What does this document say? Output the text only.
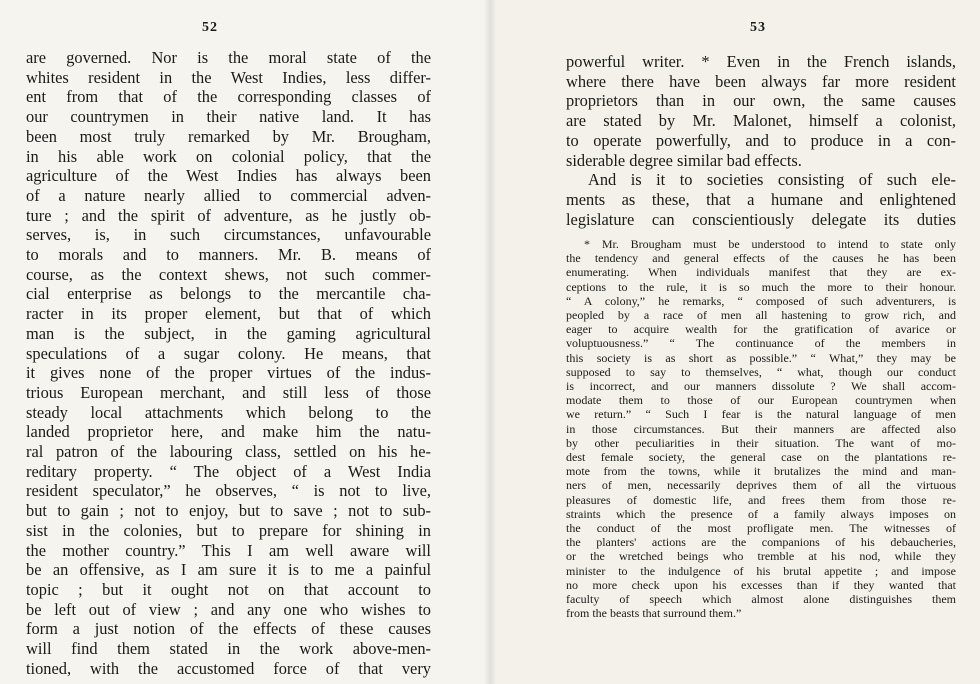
52	53
are governed. Nor is the moral state of the
whites resident in the West Indies, less differ-
ent from that of the corresponding classes of
our countrymen in their native land. It has
been most truly remarked by Mr. Brougham,
in his able work on colonial policy, that the
agriculture of the West Indies has always been
of a nature nearly allied to commercial adven-
ture ; and the spirit of adventure, as he justly ob-
serves, is, in such circumstances, unfavourable
to morals and to manners. Mr. B. means of
course, as the context shews, not such commer-
cial enterprise as belongs to the mercantile cha-
racter in its proper element, but that of which
man is the subject, in the gaming agricultural
speculations of a sugar colony. He means, that
it gives none of the proper virtues of the indus-
trious European merchant, and still less of those
steady local attachments which belong to the
landed proprietor here, and make him the natu-
ral patron of the labouring class, settled on his he-
reditary property. “ The object of a West India
resident speculator,” he observes, “ is not to live,
but to gain ; not to enjoy, but to save ; not to sub-
sist in the colonies, but to prepare for shining in
the mother country.” This I am well aware will
be an offensive, as I am sure it is to me a painful
topic ; but it ought not on that account to
be left out of view ; and any one who wishes to
form a just notion of the effects of these causes
will find them stated in the work above-men-
tioned, with the accustomed force of that very
powerful writer. * Even in the French islands,
where there have been always far more resident
proprietors than in our own, the same causes
are stated by Mr. Malonet, himself a colonist,
to operate powerfully, and to produce in a con-
siderable degree similar bad effects.
And is it to societies consisting of such ele-
ments as these, that a humane and enlightened
legislature can conscientiously delegate its duties
* Mr. Brougham must be understood to intend to state only
the tendency and general effects of the causes he has been
enumerating. When individuals manifest that they are ex-
ceptions to the rule, it is so much the more to their honour.
“ A colony,” he remarks, “ composed of such adventurers, is
peopled by a race of men all hastening to grow rich, and
eager to acquire wealth for the gratification of avarice or
voluptuousness.” “ The continuance of the members in
this society is as short as possible.” “ What,” they may be
supposed to say to themselves, “ what, though our conduct
is incorrect, and our manners dissolute ? We shall accom-
modate them to those of our European countrymen when
we return.” “ Such I fear is the natural language of men
in those circumstances. But their manners are affected also
by other peculiarities in their situation. The want of mo-
dest female society, the general case on the plantations re-
mote from the towns, while it brutalizes the mind and man-
ners of men, necessarily deprives them of all the virtuous
pleasures of domestic life, and frees them from those re-
straints which the presence of a family always imposes on
the conduct of the most profligate men. The witnesses of
the planters' actions are the companions of his debaucheries,
or the wretched beings who tremble at his nod, while they
minister to the indulgence of his brutal appetite ; and impose
no more check upon his excesses than if they wanted that
faculty of speech which almost alone distinguishes them
from the beasts that surround them.”
